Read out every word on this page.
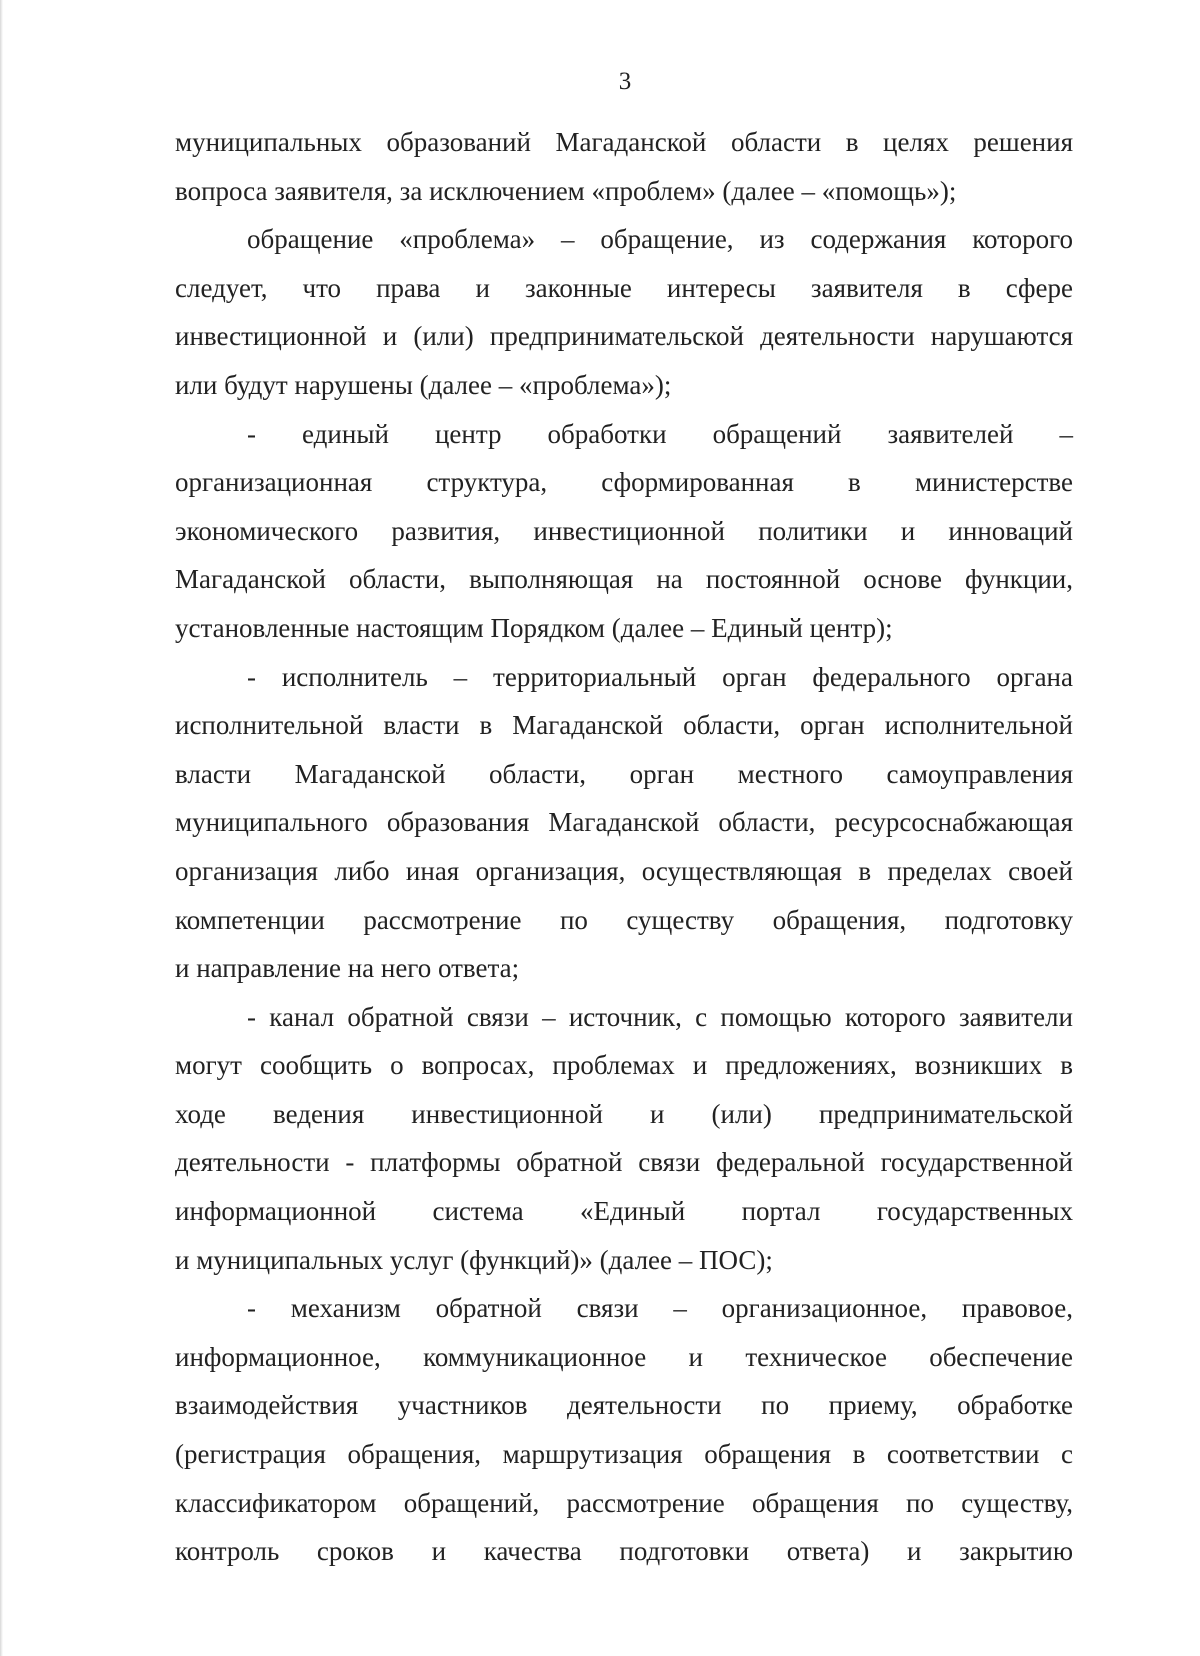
3

муниципальных образований Магаданской области в целях решения

вопроса заявителя, за исключением «проблем» (далее – «помощь»);

обращение «проблема» – обращение, из содержания которого

следует, что права и законные интересы заявителя в сфере

инвестиционной и (или) предпринимательской деятельности нарушаются

или будут нарушены (далее – «проблема»);

- единый центр обработки обращений заявителей –

организационная структура, сформированная в министерстве

экономического развития, инвестиционной политики и инноваций

Магаданской области, выполняющая на постоянной основе функции,

установленные настоящим Порядком (далее – Единый центр);

- исполнитель – территориальный орган федерального органа

исполнительной власти в Магаданской области, орган исполнительной

власти Магаданской области, орган местного самоуправления

муниципального образования Магаданской области, ресурсоснабжающая

организация либо иная организация, осуществляющая в пределах своей

компетенции рассмотрение по существу обращения, подготовку

и направление на него ответа;

- канал обратной связи – источник, с помощью которого заявители

могут сообщить о вопросах, проблемах и предложениях, возникших в

ходе ведения инвестиционной и (или) предпринимательской

деятельности - платформы обратной связи федеральной государственной

информационной система «Единый портал государственных

и муниципальных услуг (функций)» (далее – ПОС);

- механизм обратной связи – организационное, правовое,

информационное, коммуникационное и техническое обеспечение

взаимодействия участников деятельности по приему, обработке

(регистрация обращения, маршрутизация обращения в соответствии с

классификатором обращений, рассмотрение обращения по существу,

контроль сроков и качества подготовки ответа) и закрытию
